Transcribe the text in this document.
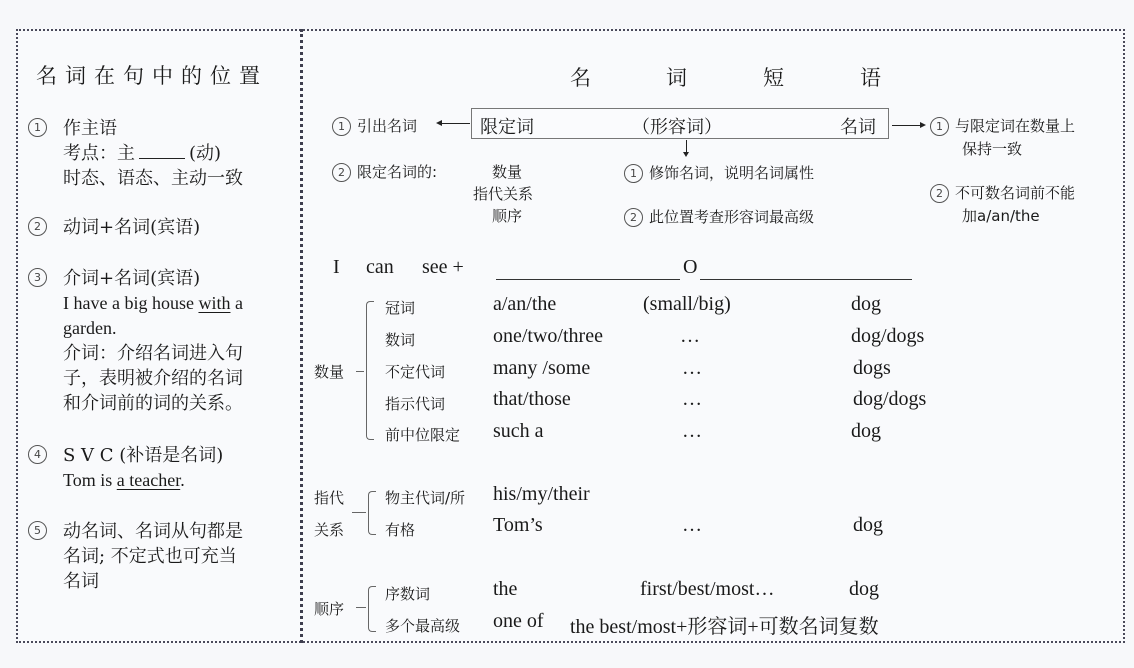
名词在句中的位置
1	作主语
考点：主	(动)
时态、语态、主动一致
2	动词+名词(宾语)
3	介词+名词(宾语)
I have a big house with a
garden.
介词：介绍名词进入句
子，表明被介绍的名词
和介词前的词的关系。
4	S V C (补语是名词)
Tom is a teacher.
5	动名词、名词从句都是
名词; 不定式也可充当
名词
名	词	短	语
限定词	（形容词）	名词
1 引出名词
2 限定名词的:	数量
指代关系
顺序
1 修饰名词，说明名词属性
2 此位置考查形容词最高级
1 与限定词在数量上
保持一致
2 不可数名词前不能
加a/an/the
I can see +	O
数量
冠词	a/an/the	(small/big)	dog
数词	one/two/three	…	dog/dogs
不定代词 many /some	…	dogs
指示代词 that/those	…	dog/dogs
前中位限定 such a	…	dog
指代
关系
物主代词/所 his/my/their
有格	Tom’s	…	dog
顺序
序数词	the	first/best/most…	dog
多个最高级 one of the best/most+形容词+可数名词复数
